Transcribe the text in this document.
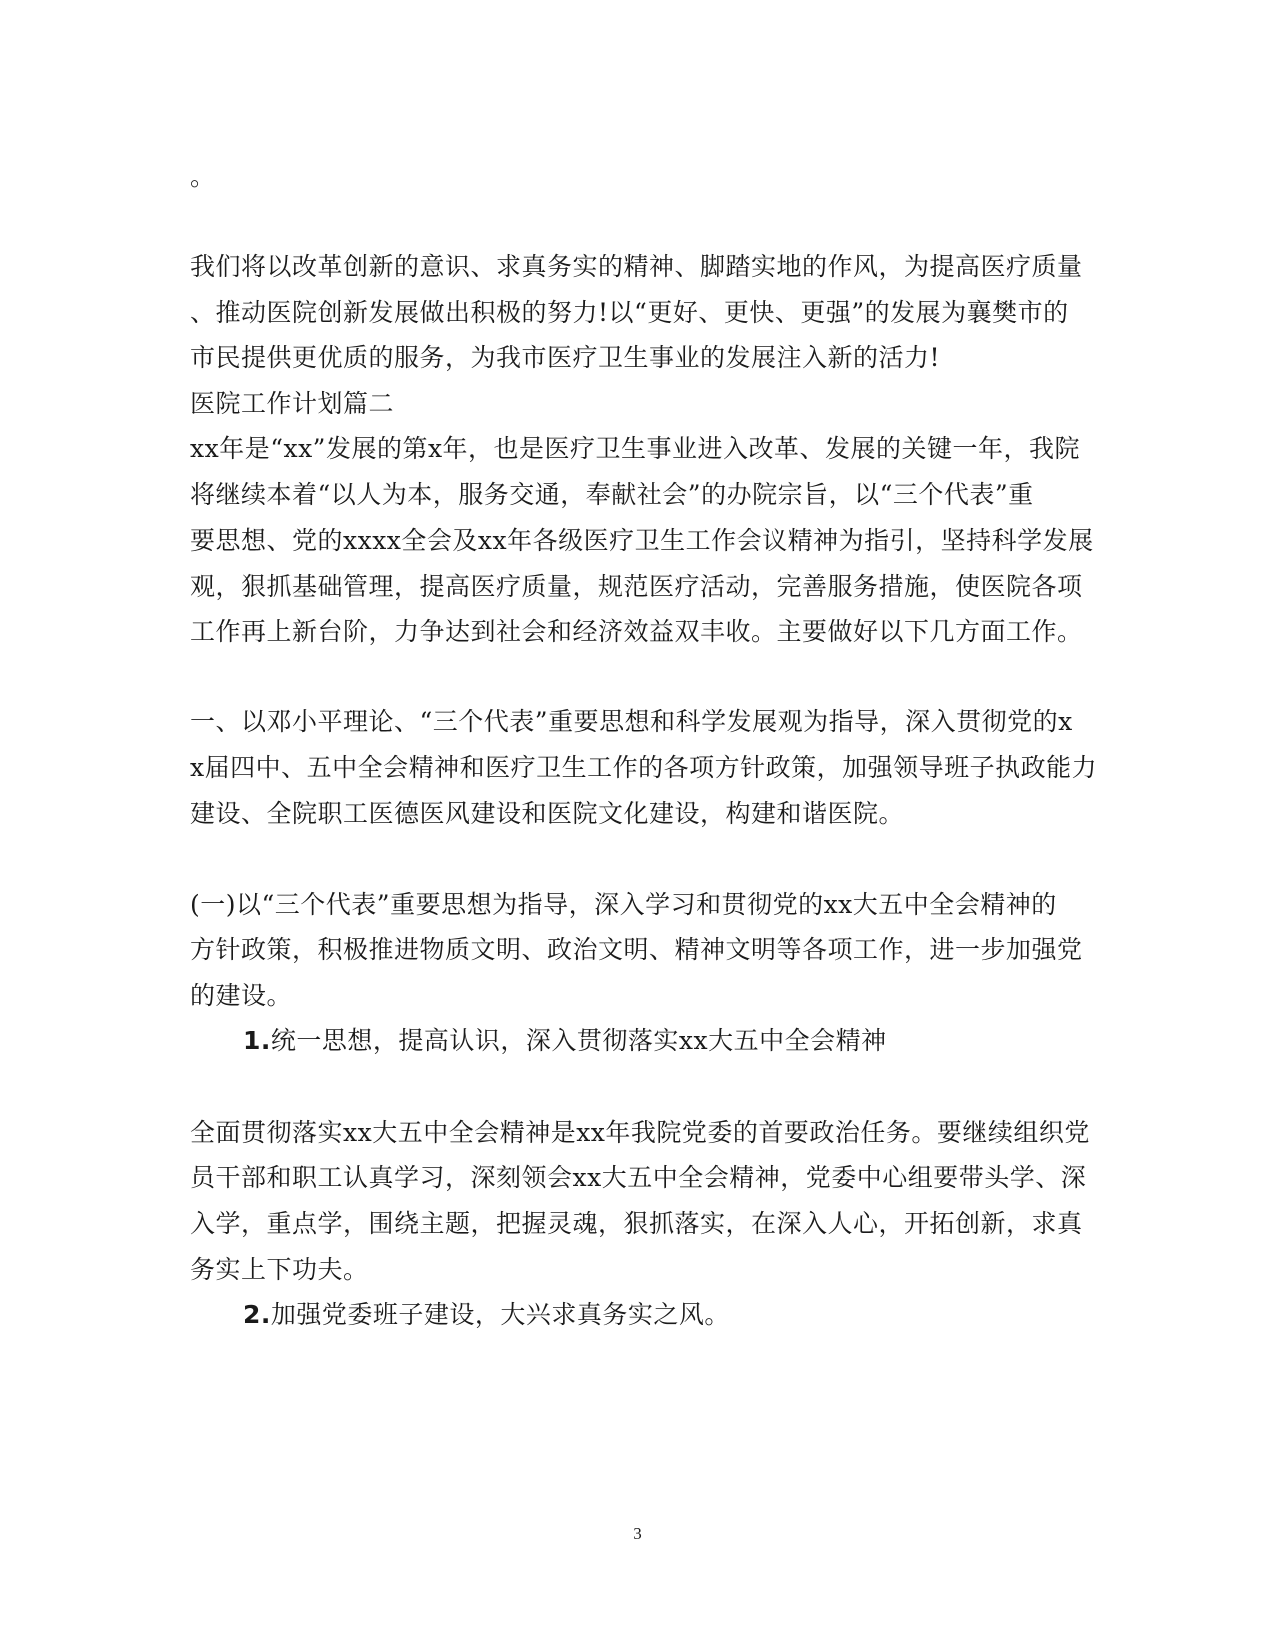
。
我们将以改革创新的意识、求真务实的精神、脚踏实地的作风，为提高医疗质量
、推动医院创新发展做出积极的努力!以“更好、更快、更强”的发展为襄樊市的
市民提供更优质的服务，为我市医疗卫生事业的发展注入新的活力!
医院工作计划篇二
xx年是“xx”发展的第x年，也是医疗卫生事业进入改革、发展的关键一年，我院
将继续本着“以人为本，服务交通，奉献社会”的办院宗旨，以“三个代表”重
要思想、党的xxxx全会及xx年各级医疗卫生工作会议精神为指引，坚持科学发展
观，狠抓基础管理，提高医疗质量，规范医疗活动，完善服务措施，使医院各项
工作再上新台阶，力争达到社会和经济效益双丰收。主要做好以下几方面工作。
一、以邓小平理论、“三个代表”重要思想和科学发展观为指导，深入贯彻党的x
x届四中、五中全会精神和医疗卫生工作的各项方针政策，加强领导班子执政能力
建设、全院职工医德医风建设和医院文化建设，构建和谐医院。
(一)以“三个代表”重要思想为指导，深入学习和贯彻党的xx大五中全会精神的
方针政策，积极推进物质文明、政治文明、精神文明等各项工作，进一步加强党
的建设。
1.统一思想，提高认识，深入贯彻落实xx大五中全会精神
全面贯彻落实xx大五中全会精神是xx年我院党委的首要政治任务。要继续组织党
员干部和职工认真学习，深刻领会xx大五中全会精神，党委中心组要带头学、深
入学，重点学，围绕主题，把握灵魂，狠抓落实，在深入人心，开拓创新，求真
务实上下功夫。
2.加强党委班子建设，大兴求真务实之风。
3
